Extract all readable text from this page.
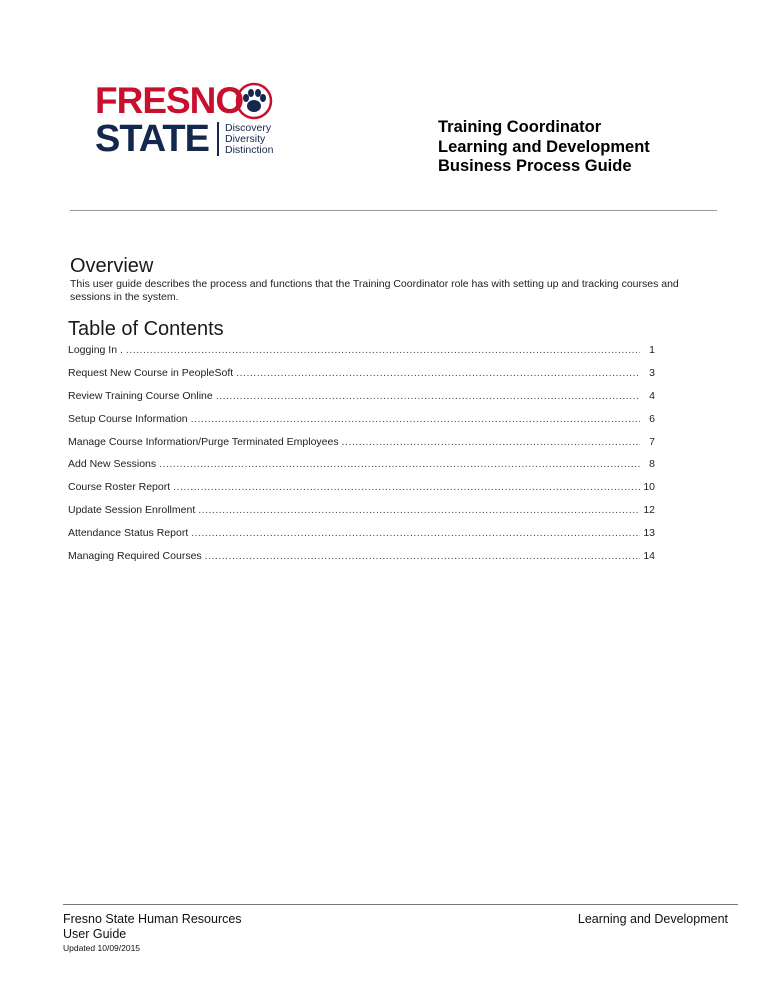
FRESNO
STATE Discovery
Diversity
Distinction
Training Coordinator
Learning and Development
Business Process Guide
Overview
This user guide describes the process and functions that the Training Coordinator role has with setting up and tracking courses and sessions in the system.
Table of Contents
Logging In . .....	1
Request New Course in PeopleSoft .....	3
Review Training Course Online .....	4
Setup Course Information .....	6
Manage Course Information/Purge Terminated Employees .....	7
Add New Sessions .....	8
Course Roster Report .....	10
Update Session Enrollment .....	12
Attendance Status Report .....	13
Managing Required Courses .....	14
Fresno State Human Resources
User Guide
Updated 10/09/2015
Learning and Development
